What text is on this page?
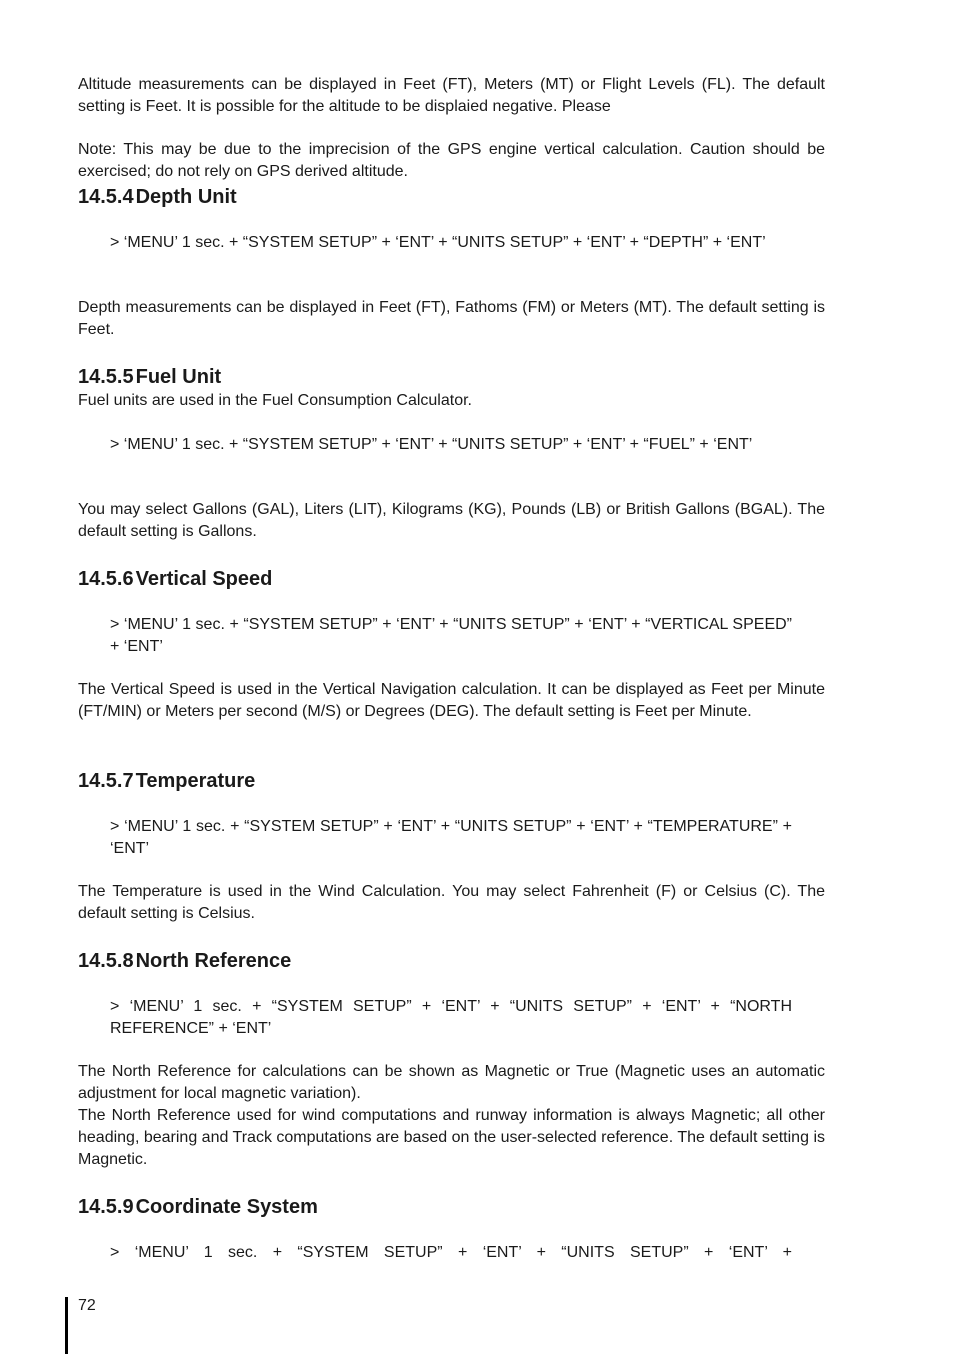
Altitude measurements can be displayed in Feet (FT), Meters (MT) or Flight Levels (FL). The default setting is Feet. It is possible for the altitude to be displaied negative. Please

Note: This may be due to the imprecision of the GPS engine vertical calculation. Caution should be exercised; do not rely on GPS derived altitude.

14.5.4 Depth Unit

> ‘MENU’ 1 sec. + “SYSTEM SETUP” + ‘ENT’ + “UNITS SETUP” + ‘ENT’ + “DEPTH” + ‘ENT’

Depth measurements can be displayed in Feet (FT), Fathoms (FM) or Meters (MT). The default setting is Feet.

14.5.5 Fuel Unit

Fuel units are used in the Fuel Consumption Calculator.

> ‘MENU’ 1 sec. + “SYSTEM SETUP” + ‘ENT’ + “UNITS SETUP” + ‘ENT’ + “FUEL” + ‘ENT’

You may select Gallons (GAL), Liters (LIT), Kilograms (KG), Pounds (LB) or British Gallons (BGAL). The default setting is Gallons.

14.5.6 Vertical Speed

> ‘MENU’ 1 sec. + “SYSTEM SETUP” + ‘ENT’ + “UNITS SETUP” + ‘ENT’ + “VERTICAL SPEED” + ‘ENT’

The Vertical Speed is used in the Vertical Navigation calculation. It can be displayed as Feet per Minute (FT/MIN) or Meters per second (M/S) or Degrees (DEG). The default setting is Feet per Minute.

14.5.7 Temperature

> ‘MENU’ 1 sec. + “SYSTEM SETUP” + ‘ENT’ + “UNITS SETUP” + ‘ENT’ + “TEMPERATURE” + ‘ENT’

The Temperature is used in the Wind Calculation. You may select Fahrenheit (F) or Celsius (C). The default setting is Celsius.

14.5.8 North Reference

> ‘MENU’ 1 sec. + “SYSTEM SETUP” + ‘ENT’ + “UNITS SETUP” + ‘ENT’ + “NORTH REFERENCE” + ‘ENT’

The North Reference for calculations can be shown as Magnetic or True (Magnetic uses an automatic adjustment for local magnetic variation).

The North Reference used for wind computations and runway information is always Magnetic; all other heading, bearing and Track computations are based on the user-selected reference. The default setting is Magnetic.

14.5.9 Coordinate System

> ‘MENU’ 1 sec. + “SYSTEM SETUP” + ‘ENT’ + “UNITS SETUP” + ‘ENT’ +

72
